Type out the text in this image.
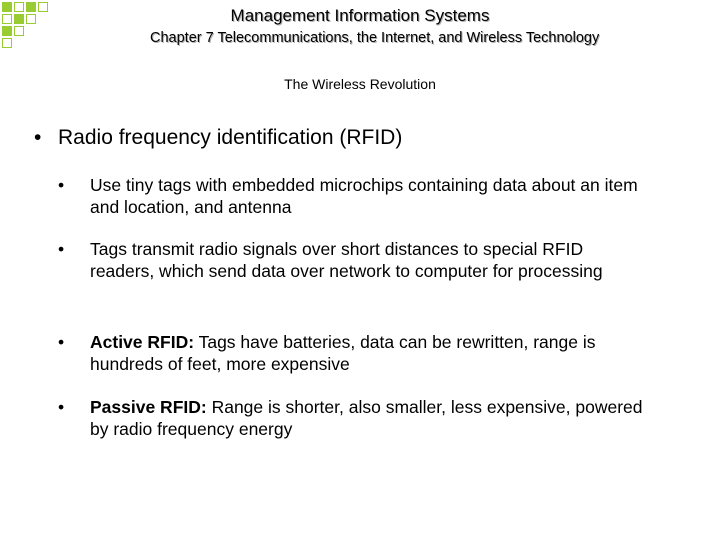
Management Information Systems
Chapter 7 Telecommunications, the Internet, and Wireless Technology
The Wireless Revolution
• Radio frequency identification (RFID)
• Use tiny tags with embedded microchips containing data about an item and location, and antenna
• Tags transmit radio signals over short distances to special RFID readers, which send data over network to computer for processing
• Active RFID: Tags have batteries, data can be rewritten, range is hundreds of feet, more expensive
• Passive RFID: Range is shorter, also smaller, less expensive, powered by radio frequency energy
